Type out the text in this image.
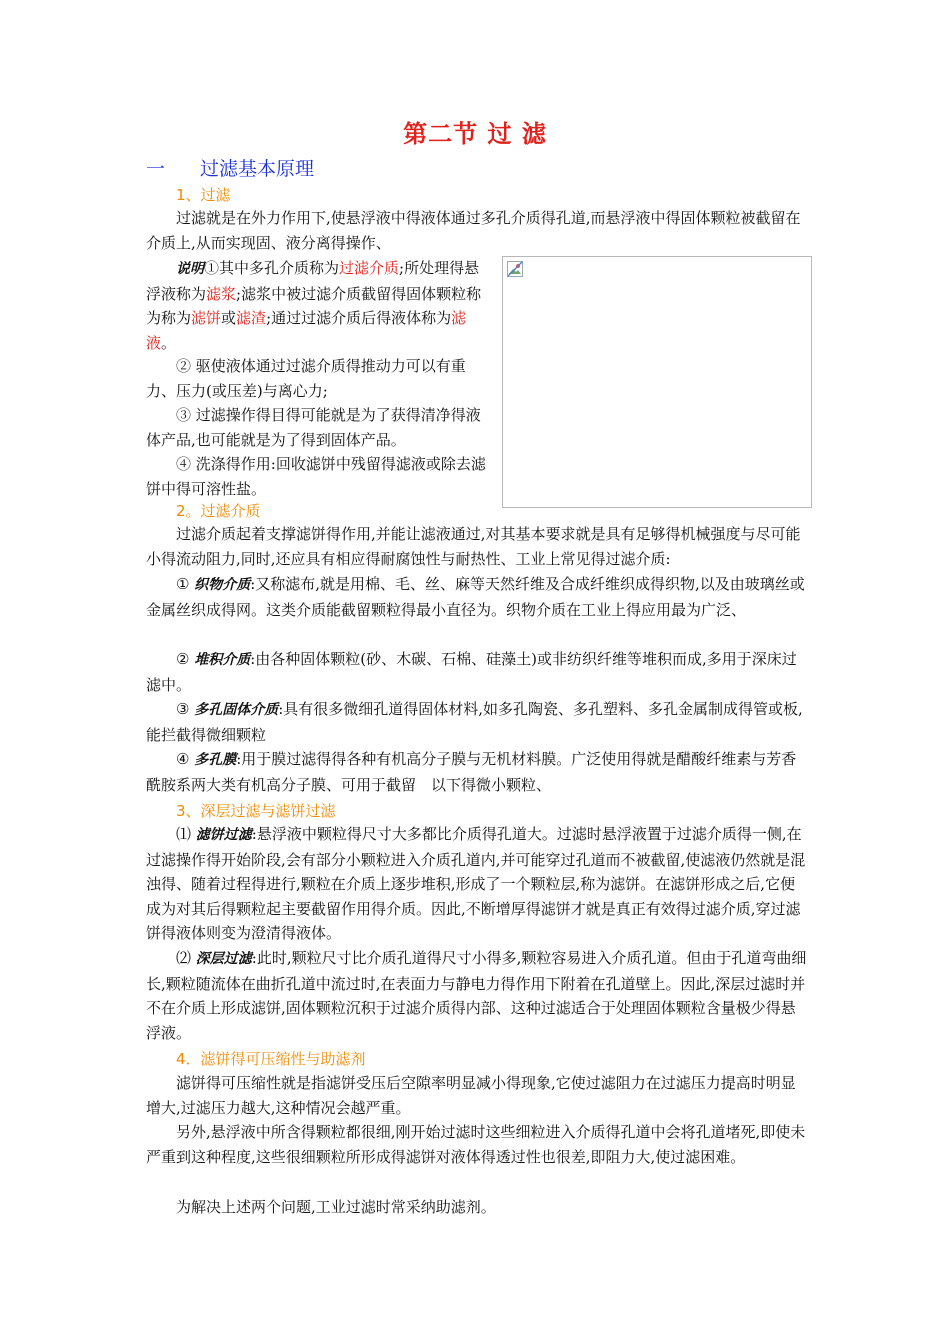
第二节 过 滤
一 过滤基本原理
1、过滤
过滤就是在外力作用下,使悬浮液中得液体通过多孔介质得孔道,而悬浮液中得固体颗粒被截留在介质上,从而实现固、液分离得操作、
说明①其中多孔介质称为过滤介质;所处理得悬浮液称为滤浆;滤浆中被过滤介质截留得固体颗粒称为称为滤饼或滤渣;通过过滤介质后得液体称为滤液。
② 驱使液体通过过滤介质得推动力可以有重力、压力(或压差)与离心力;
③ 过滤操作得目得可能就是为了获得清净得液体产品,也可能就是为了得到固体产品。
④ 洗涤得作用:回收滤饼中残留得滤液或除去滤饼中得可溶性盐。
2。过滤介质
过滤介质起着支撑滤饼得作用,并能让滤液通过,对其基本要求就是具有足够得机械强度与尽可能小得流动阻力,同时,还应具有相应得耐腐蚀性与耐热性、工业上常见得过滤介质:
① 织物介质:又称滤布,就是用棉、毛、丝、麻等天然纤维及合成纤维织成得织物,以及由玻璃丝或金属丝织成得网。这类介质能截留颗粒得最小直径为。织物介质在工业上得应用最为广泛、
② 堆积介质:由各种固体颗粒(砂、木碳、石棉、硅藻土)或非纺织纤维等堆积而成,多用于深床过滤中。
③ 多孔固体介质:具有很多微细孔道得固体材料,如多孔陶瓷、多孔塑料、多孔金属制成得管或板,能拦截得微细颗粒
④ 多孔膜:用于膜过滤得得各种有机高分子膜与无机材料膜。广泛使用得就是醋酸纤维素与芳香酰胺系两大类有机高分子膜、可用于截留　以下得微小颗粒、
3、深层过滤与滤饼过滤
⑴ 滤饼过滤:悬浮液中颗粒得尺寸大多都比介质得孔道大。过滤时悬浮液置于过滤介质得一侧,在过滤操作得开始阶段,会有部分小颗粒进入介质孔道内,并可能穿过孔道而不被截留,使滤液仍然就是混浊得、随着过程得进行,颗粒在介质上逐步堆积,形成了一个颗粒层,称为滤饼。在滤饼形成之后,它便成为对其后得颗粒起主要截留作用得介质。因此,不断增厚得滤饼才就是真正有效得过滤介质,穿过滤饼得液体则变为澄清得液体。
⑵ 深层过滤:此时,颗粒尺寸比介质孔道得尺寸小得多,颗粒容易进入介质孔道。但由于孔道弯曲细长,颗粒随流体在曲折孔道中流过时,在表面力与静电力得作用下附着在孔道壁上。因此,深层过滤时并不在介质上形成滤饼,固体颗粒沉积于过滤介质得内部、这种过滤适合于处理固体颗粒含量极少得悬浮液。
4．滤饼得可压缩性与助滤剂
滤饼得可压缩性就是指滤饼受压后空隙率明显减小得现象,它使过滤阻力在过滤压力提高时明显增大,过滤压力越大,这种情况会越严重。
另外,悬浮液中所含得颗粒都很细,刚开始过滤时这些细粒进入介质得孔道中会将孔道堵死,即使未严重到这种程度,这些很细颗粒所形成得滤饼对液体得透过性也很差,即阻力大,使过滤困难。
为解决上述两个问题,工业过滤时常采纳助滤剂。
